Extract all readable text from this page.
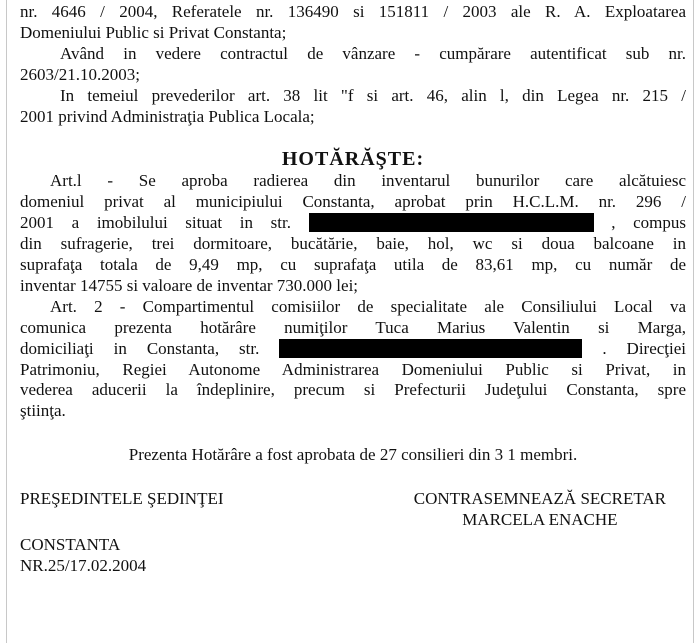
nr. 4646 / 2004, Referatele nr. 136490 si 151811 / 2003 ale R. A. Exploatarea
Domeniului Public si Privat Constanta;
Având in vedere contractul de vânzare - cumpărare autentificat sub nr.
2603/21.10.2003;
In temeiul prevederilor art. 38 lit "f si art. 46, alin l, din Legea nr. 215 /
2001 privind Administraţia Publica Locala;
HOTĂRĂŞTE:
Art.l - Se aproba radierea din inventarul bunurilor care alcătuiesc
domeniul privat al municipiului Constanta, aprobat prin H.C.L.M. nr. 296 /
2001 a imobilului situat in str.	, compus
din sufragerie, trei dormitoare, bucătărie, baie, hol, wc si doua balcoane in
suprafaţa totala de 9,49 mp, cu suprafaţa utila de 83,61 mp, cu număr de
inventar 14755 si valoare de inventar 730.000 lei;
Art. 2 - Compartimentul comisiilor de specialitate ale Consiliului Local va
comunica prezenta hotărâre numiţilor Tuca Marius Valentin si Marga,
domiciliaţi in Constanta, str.	. Direcţiei
Patrimoniu, Regiei Autonome Administrarea Domeniului Public si Privat, in
vederea aducerii la îndeplinire, precum si Prefecturii Judeţului Constanta, spre
ştiinţa.
Prezenta Hotărâre a fost aprobata de 27 consilieri din 3 1 membri.
PREŞEDINTELE ŞEDINŢEI	CONTRASEMNEAZĂ SECRETAR
MARCELA ENACHE
CONSTANTA
NR.25/17.02.2004
